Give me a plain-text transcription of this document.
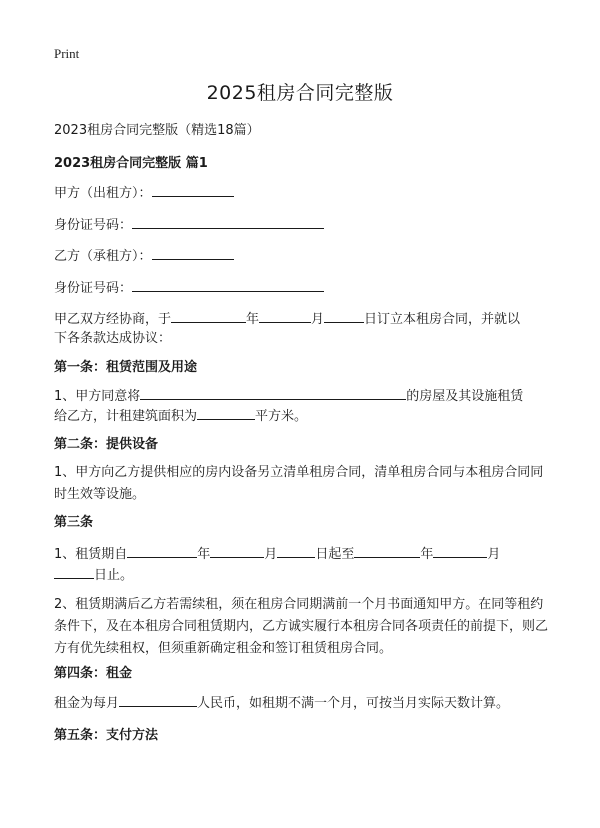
Print
2025租房合同完整版
2023租房合同完整版（精选18篇）
2023租房合同完整版 篇1
甲方（出租方）：
身份证号码：
乙方（承租方）：
身份证号码：
甲乙双方经协商，于	年	月	日订立本租房合同，并就以
下各条款达成协议：
第一条：租赁范围及用途
1、甲方同意将	的房屋及其设施租赁
给乙方，计租建筑面积为	平方米。
第二条：提供设备
1、甲方向乙方提供相应的房内设备另立清单租房合同，清单租房合同与本租房合同同时生效等设施。
第三条
1、租赁期自	年	月	日起至	年	月
日止。
2、租赁期满后乙方若需续租，须在租房合同期满前一个月书面通知甲方。在同等租约条件下，及在本租房合同租赁期内，乙方诚实履行本租房合同各项责任的前提下，则乙方有优先续租权，但须重新确定租金和签订租赁租房合同。
第四条：租金
租金为每月	人民币，如租期不满一个月，可按当月实际天数计算。
第五条：支付方法
